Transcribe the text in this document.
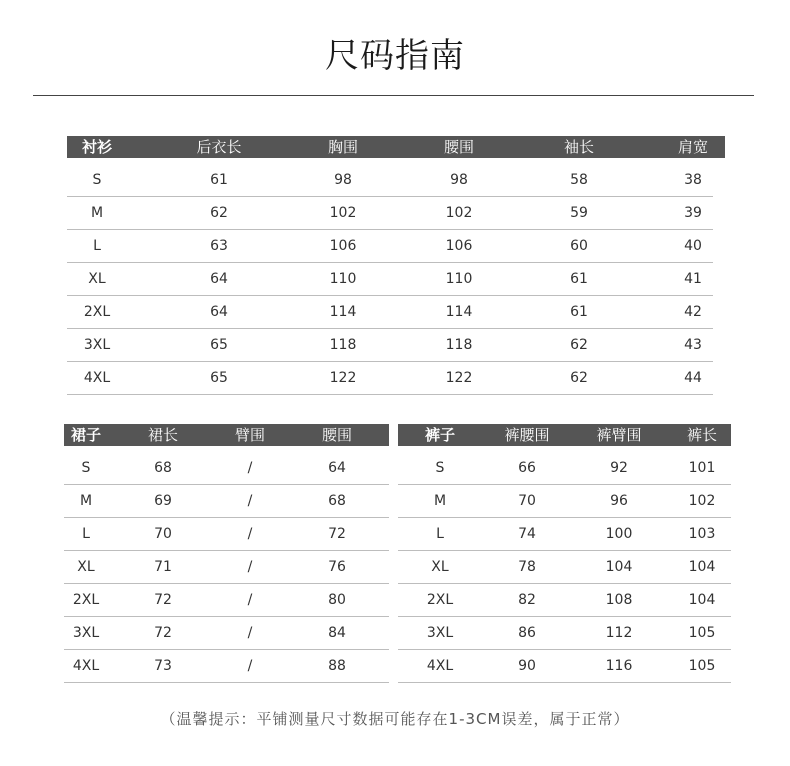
尺码指南
衬衫	后衣长	胸围	腰围	袖长	肩宽
S	61	98	98	58	38
M	62	102	102	59	39
L	63	106	106	60	40
XL	64	110	110	61	41
2XL	64	114	114	61	42
3XL	65	118	118	62	43
4XL	65	122	122	62	44
裙子	裙长	臂围	腰围
S	68	/	64
M	69	/	68
L	70	/	72
XL	71	/	76
2XL	72	/	80
3XL	72	/	84
4XL	73	/	88
裤子	裤腰围	裤臂围	裤长
S	66	92	101
M	70	96	102
L	74	100	103
XL	78	104	104
2XL	82	108	104
3XL	86	112	105
4XL	90	116	105
（温馨提示：平铺测量尺寸数据可能存在1-3CM误差，属于正常）
